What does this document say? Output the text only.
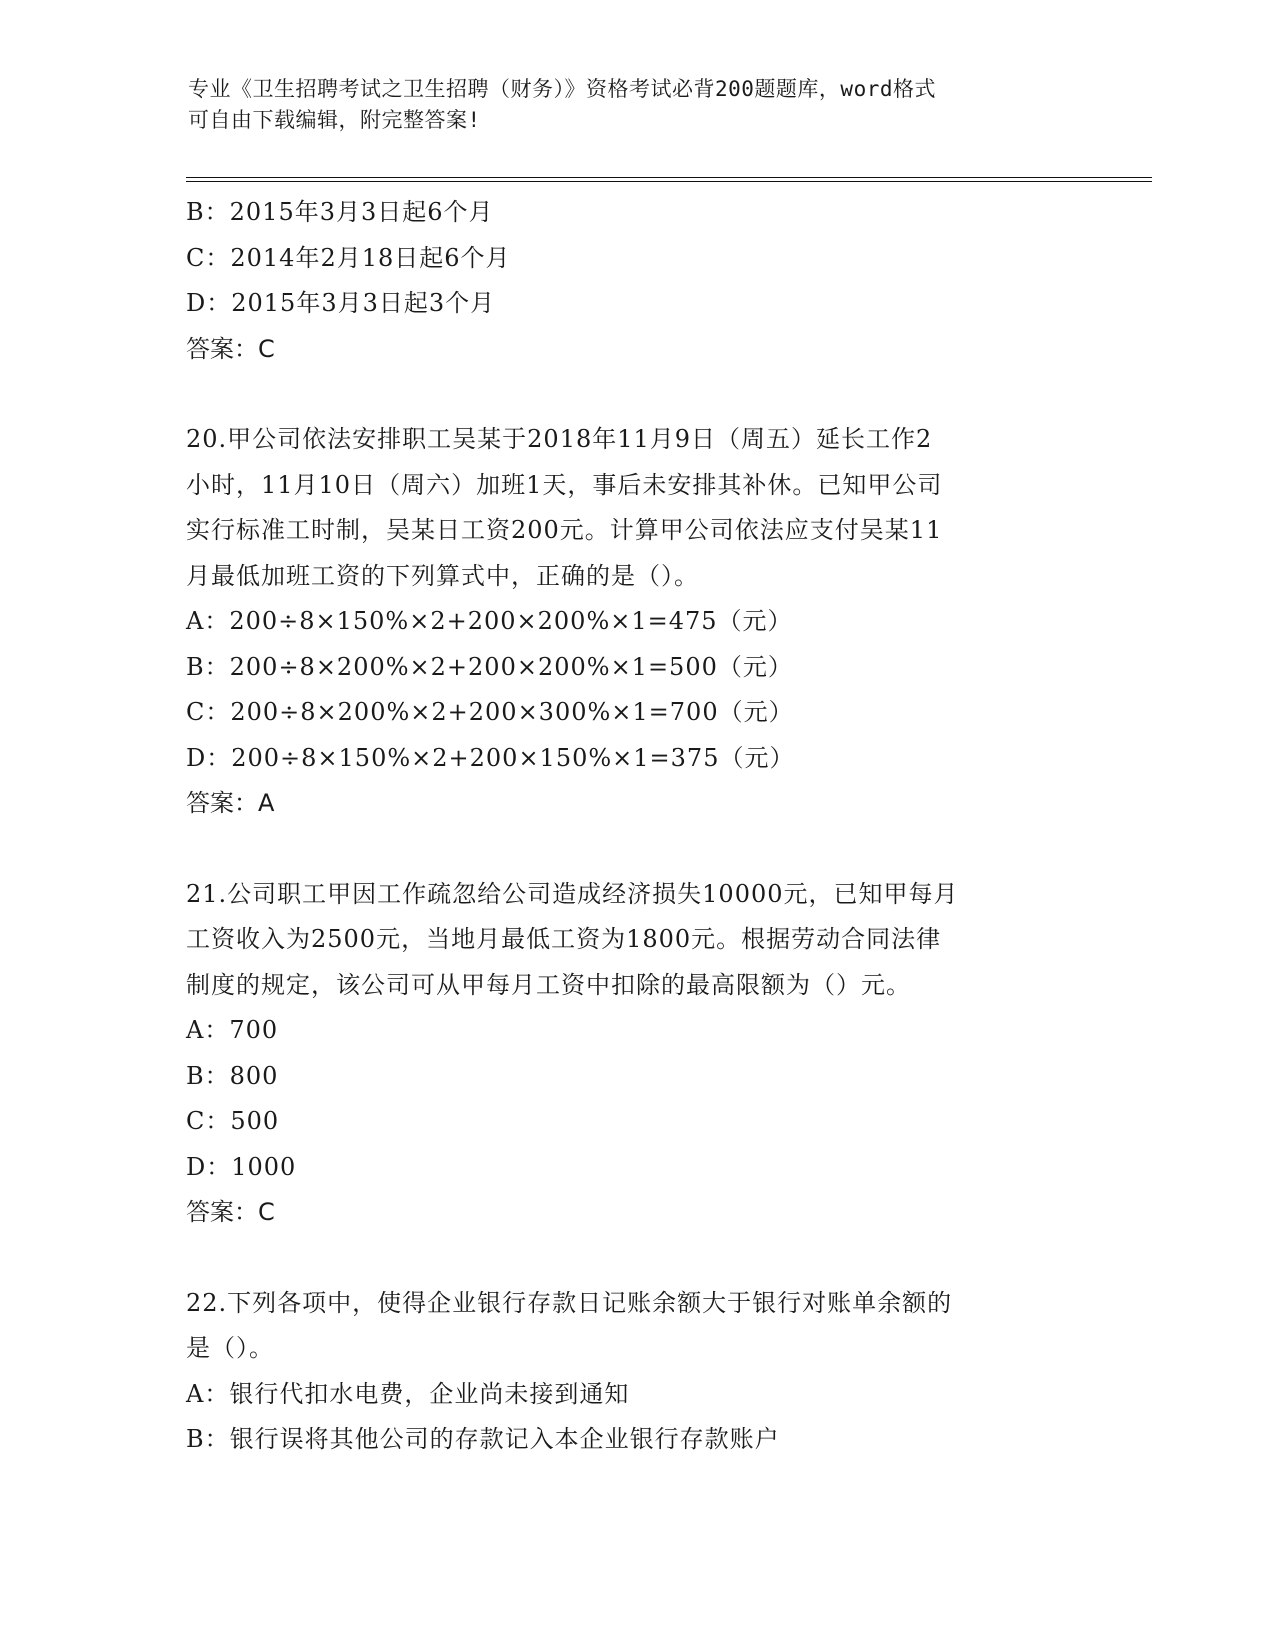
专业《卫生招聘考试之卫生招聘（财务）》资格考试必背200题题库，word格式
可自由下载编辑，附完整答案!
B：2015年3月3日起6个月
C：2014年2月18日起6个月
D：2015年3月3日起3个月
答案：C
20.甲公司依法安排职工吴某于2018年11月9日（周五）延长工作2
小时，11月10日（周六）加班1天，事后未安排其补休。已知甲公司
实行标准工时制，吴某日工资200元。计算甲公司依法应支付吴某11
月最低加班工资的下列算式中，正确的是（）。
A：200÷8×150%×2+200×200%×1=475（元）
B：200÷8×200%×2+200×200%×1=500（元）
C：200÷8×200%×2+200×300%×1=700（元）
D：200÷8×150%×2+200×150%×1=375（元）
答案：A
21.公司职工甲因工作疏忽给公司造成经济损失10000元，已知甲每月
工资收入为2500元，当地月最低工资为1800元。根据劳动合同法律
制度的规定，该公司可从甲每月工资中扣除的最高限额为（）元。
A：700
B：800
C：500
D：1000
答案：C
22.下列各项中，使得企业银行存款日记账余额大于银行对账单余额的
是（）。
A：银行代扣水电费，企业尚未接到通知
B：银行误将其他公司的存款记入本企业银行存款账户
